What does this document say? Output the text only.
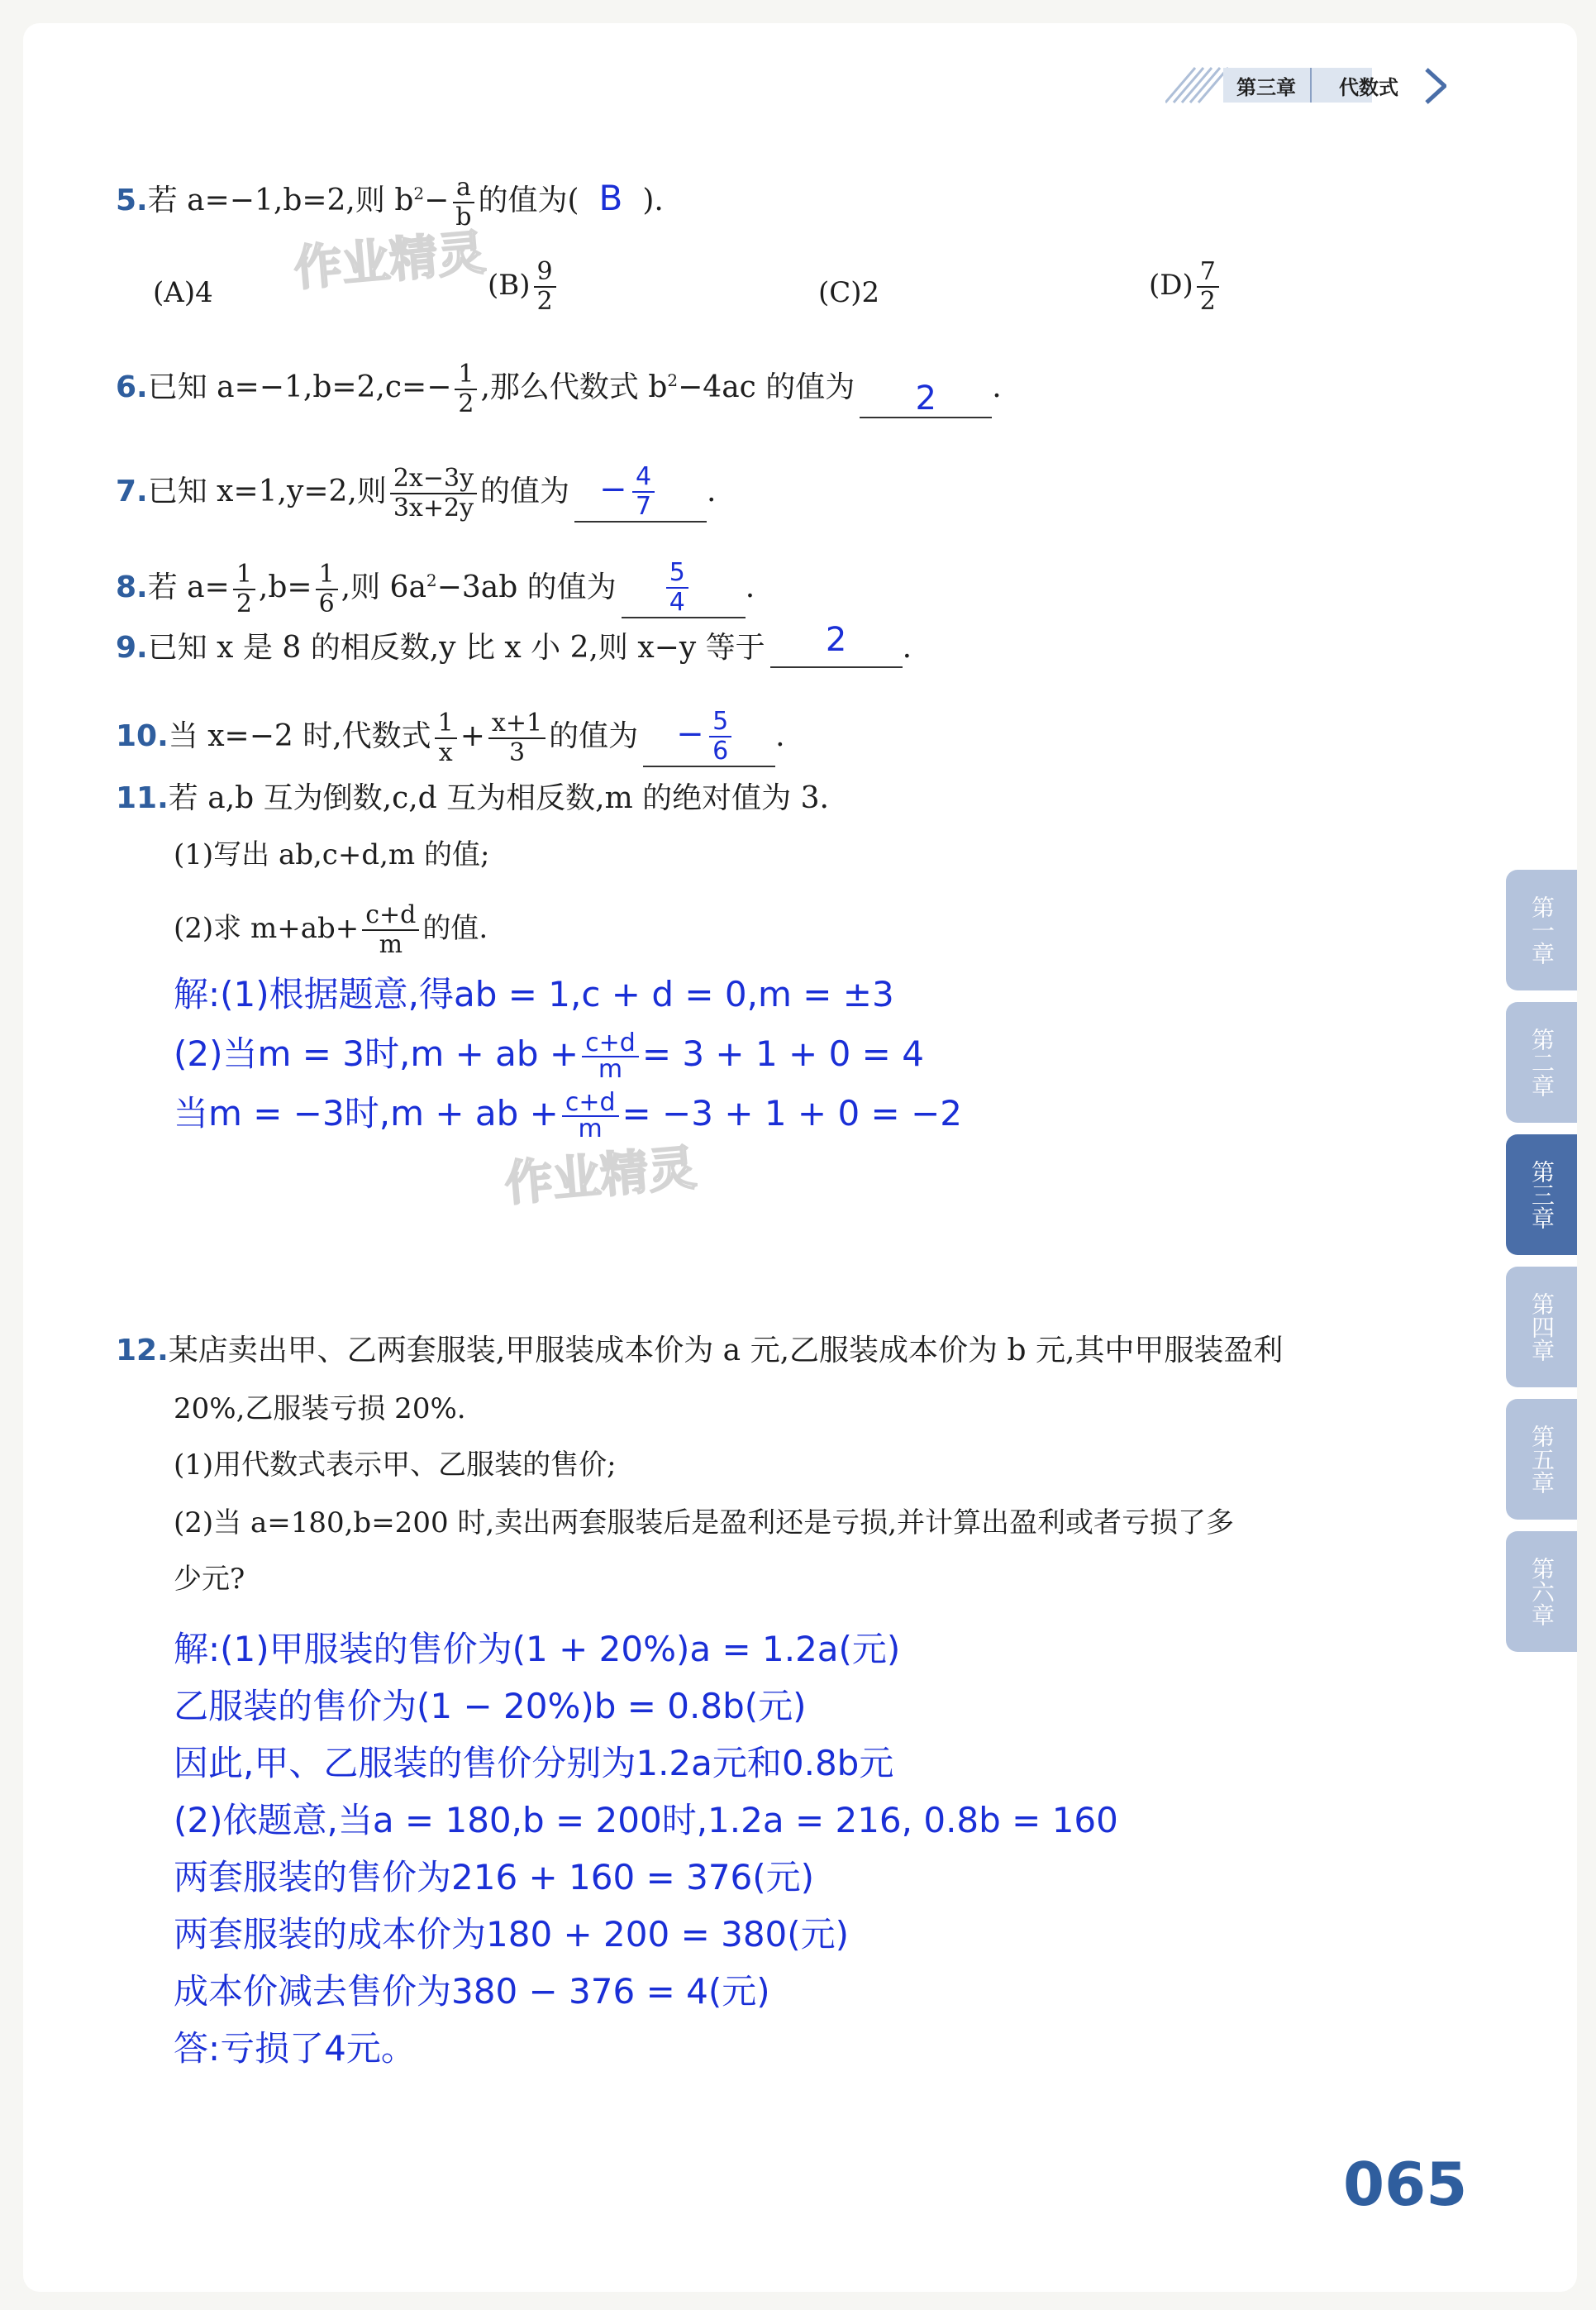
第三章 代数式
作业精灵
作业精灵
5.若 a=−1,b=2,则 $b^2- \frac{a}{b}$ 的值为( B ).
(A)4	$(B) \frac{9}{2}$	(C)2	$(D) \frac{7}{2}$
6.已知 $a=-1,b=2,c=- \frac{1}{2}$ ,那么代数式 $b^2-4ac$ 的值为	2	.
7.已知 x=1,y=2,则 $\frac{2x-3y}{3x+2y}$ 的值为 − $\frac{4}{7}$ .
8.若 $a= \frac{1}{2} ,b= \frac{1}{6}$ ,则 $6a^2-3ab$ 的值为 $\frac{5}{4}$ .
9.已知 x 是 8 的相反数,y 比 x 小 2,则 x−y 等于	2	.
10.当 x=−2 时,代数式 $\frac{1}{x} + \frac{x+1}{3}$ 的值为 − $\frac{5}{6}$ .
11.若 a,b 互为倒数,c,d 互为相反数,m 的绝对值为 3.
(1)写出 ab,c+d,m 的值;
(2)求 $m+ab+ \frac{c+d}{m}$ 的值.
解:(1)根据题意,得ab = 1,c + d = 0,m = ±3
(2)当m = 3时,m + ab + $\frac{c+d}{m} = 3 + 1 + 0 = 4$
当m = −3时,m + ab + $\frac{c+d}{m} = -3 + 1 + 0 = -2$
12.某店卖出甲、乙两套服装,甲服装成本价为 a 元,乙服装成本价为 b 元,其中甲服装盈利
20%,乙服装亏损 20%.
(1)用代数式表示甲、乙服装的售价;
(2)当 a=180,b=200 时,卖出两套服装后是盈利还是亏损,并计算出盈利或者亏损了多
少元?
解:(1)甲服装的售价为(1 + 20%)a = 1.2a(元)
乙服装的售价为(1 − 20%)b = 0.8b(元)
因此,甲、乙服装的售价分别为1.2a元和0.8b元
(2)依题意,当a = 180,b = 200时,1.2a = 216, 0.8b = 160
两套服装的售价为216 + 160 = 376(元)
两套服装的成本价为180 + 200 = 380(元)
成本价减去售价为380 − 376 = 4(元)
答:亏损了4元。
第一章
第二章
第三章
第四章
第五章
第六章
065
